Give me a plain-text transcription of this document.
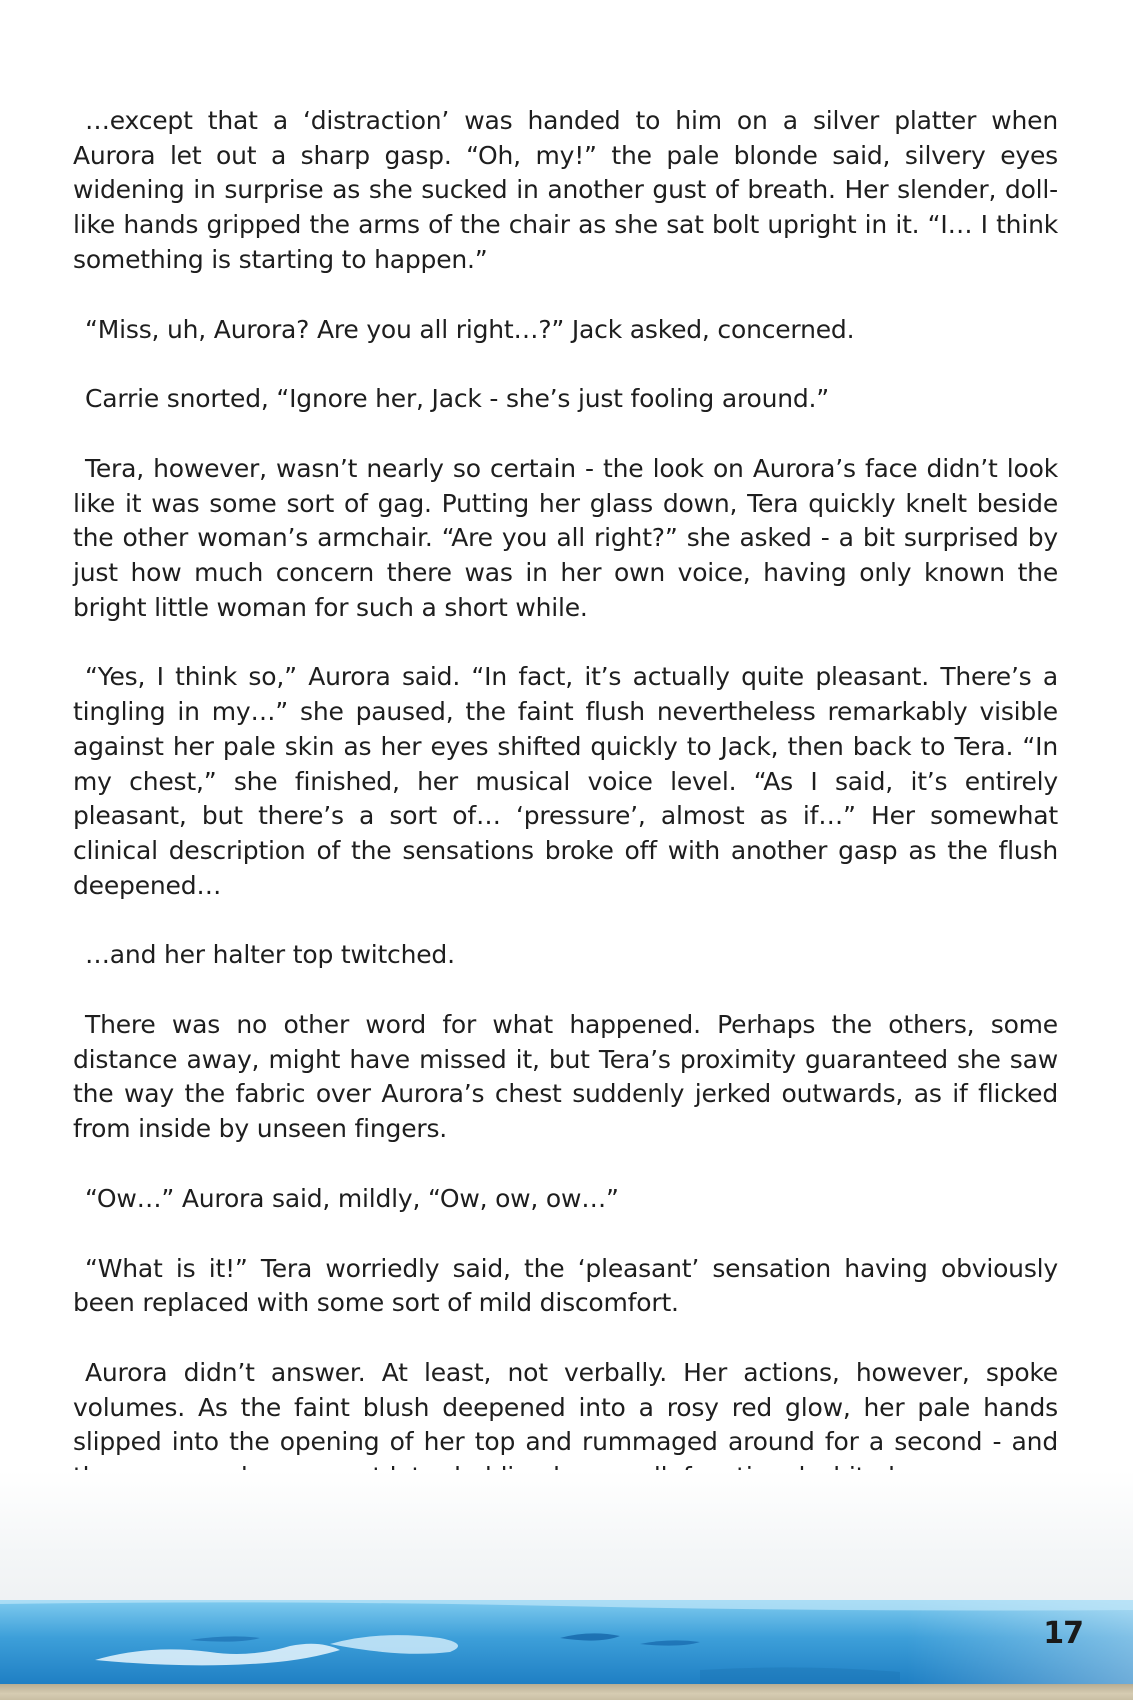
…except that a ‘distraction’ was handed to him on a silver platter when Aurora let out a sharp gasp. “Oh, my!” the pale blonde said, silvery eyes widening in surprise as she sucked in another gust of breath. Her slender, doll-like hands gripped the arms of the chair as she sat bolt upright in it. “I… I think something is starting to happen.”

“Miss, uh, Aurora? Are you all right…?” Jack asked, concerned.

Carrie snorted, “Ignore her, Jack - she’s just fooling around.”

Tera, however, wasn’t nearly so certain - the look on Aurora’s face didn’t look like it was some sort of gag. Putting her glass down, Tera quickly knelt beside the other woman’s armchair. “Are you all right?” she asked - a bit surprised by just how much concern there was in her own voice, having only known the bright little woman for such a short while.

“Yes, I think so,” Aurora said. “In fact, it’s actually quite pleasant. There’s a tingling in my…” she paused, the faint flush nevertheless remarkably visible against her pale skin as her eyes shifted quickly to Jack, then back to Tera. “In my chest,” she finished, her musical voice level. “As I said, it’s entirely pleasant, but there’s a sort of… ‘pressure’, almost as if…” Her somewhat clinical description of the sensations broke off with another gasp as the flush deepened…

…and her halter top twitched.

There was no other word for what happened. Perhaps the others, some distance away, might have missed it, but Tera’s proximity guaranteed she saw the way the fabric over Aurora’s chest suddenly jerked outwards, as if flicked from inside by unseen fingers.

“Ow…” Aurora said, mildly, “Ow, ow, ow…”

“What is it!” Tera worriedly said, the ‘pleasant’ sensation having obviously been replaced with some sort of mild discomfort.

Aurora didn’t answer. At least, not verbally. Her actions, however, spoke volumes. As the faint blush deepened into a rosy red glow, her pale hands slipped into the opening of her top and rummaged around for a second - and

17
